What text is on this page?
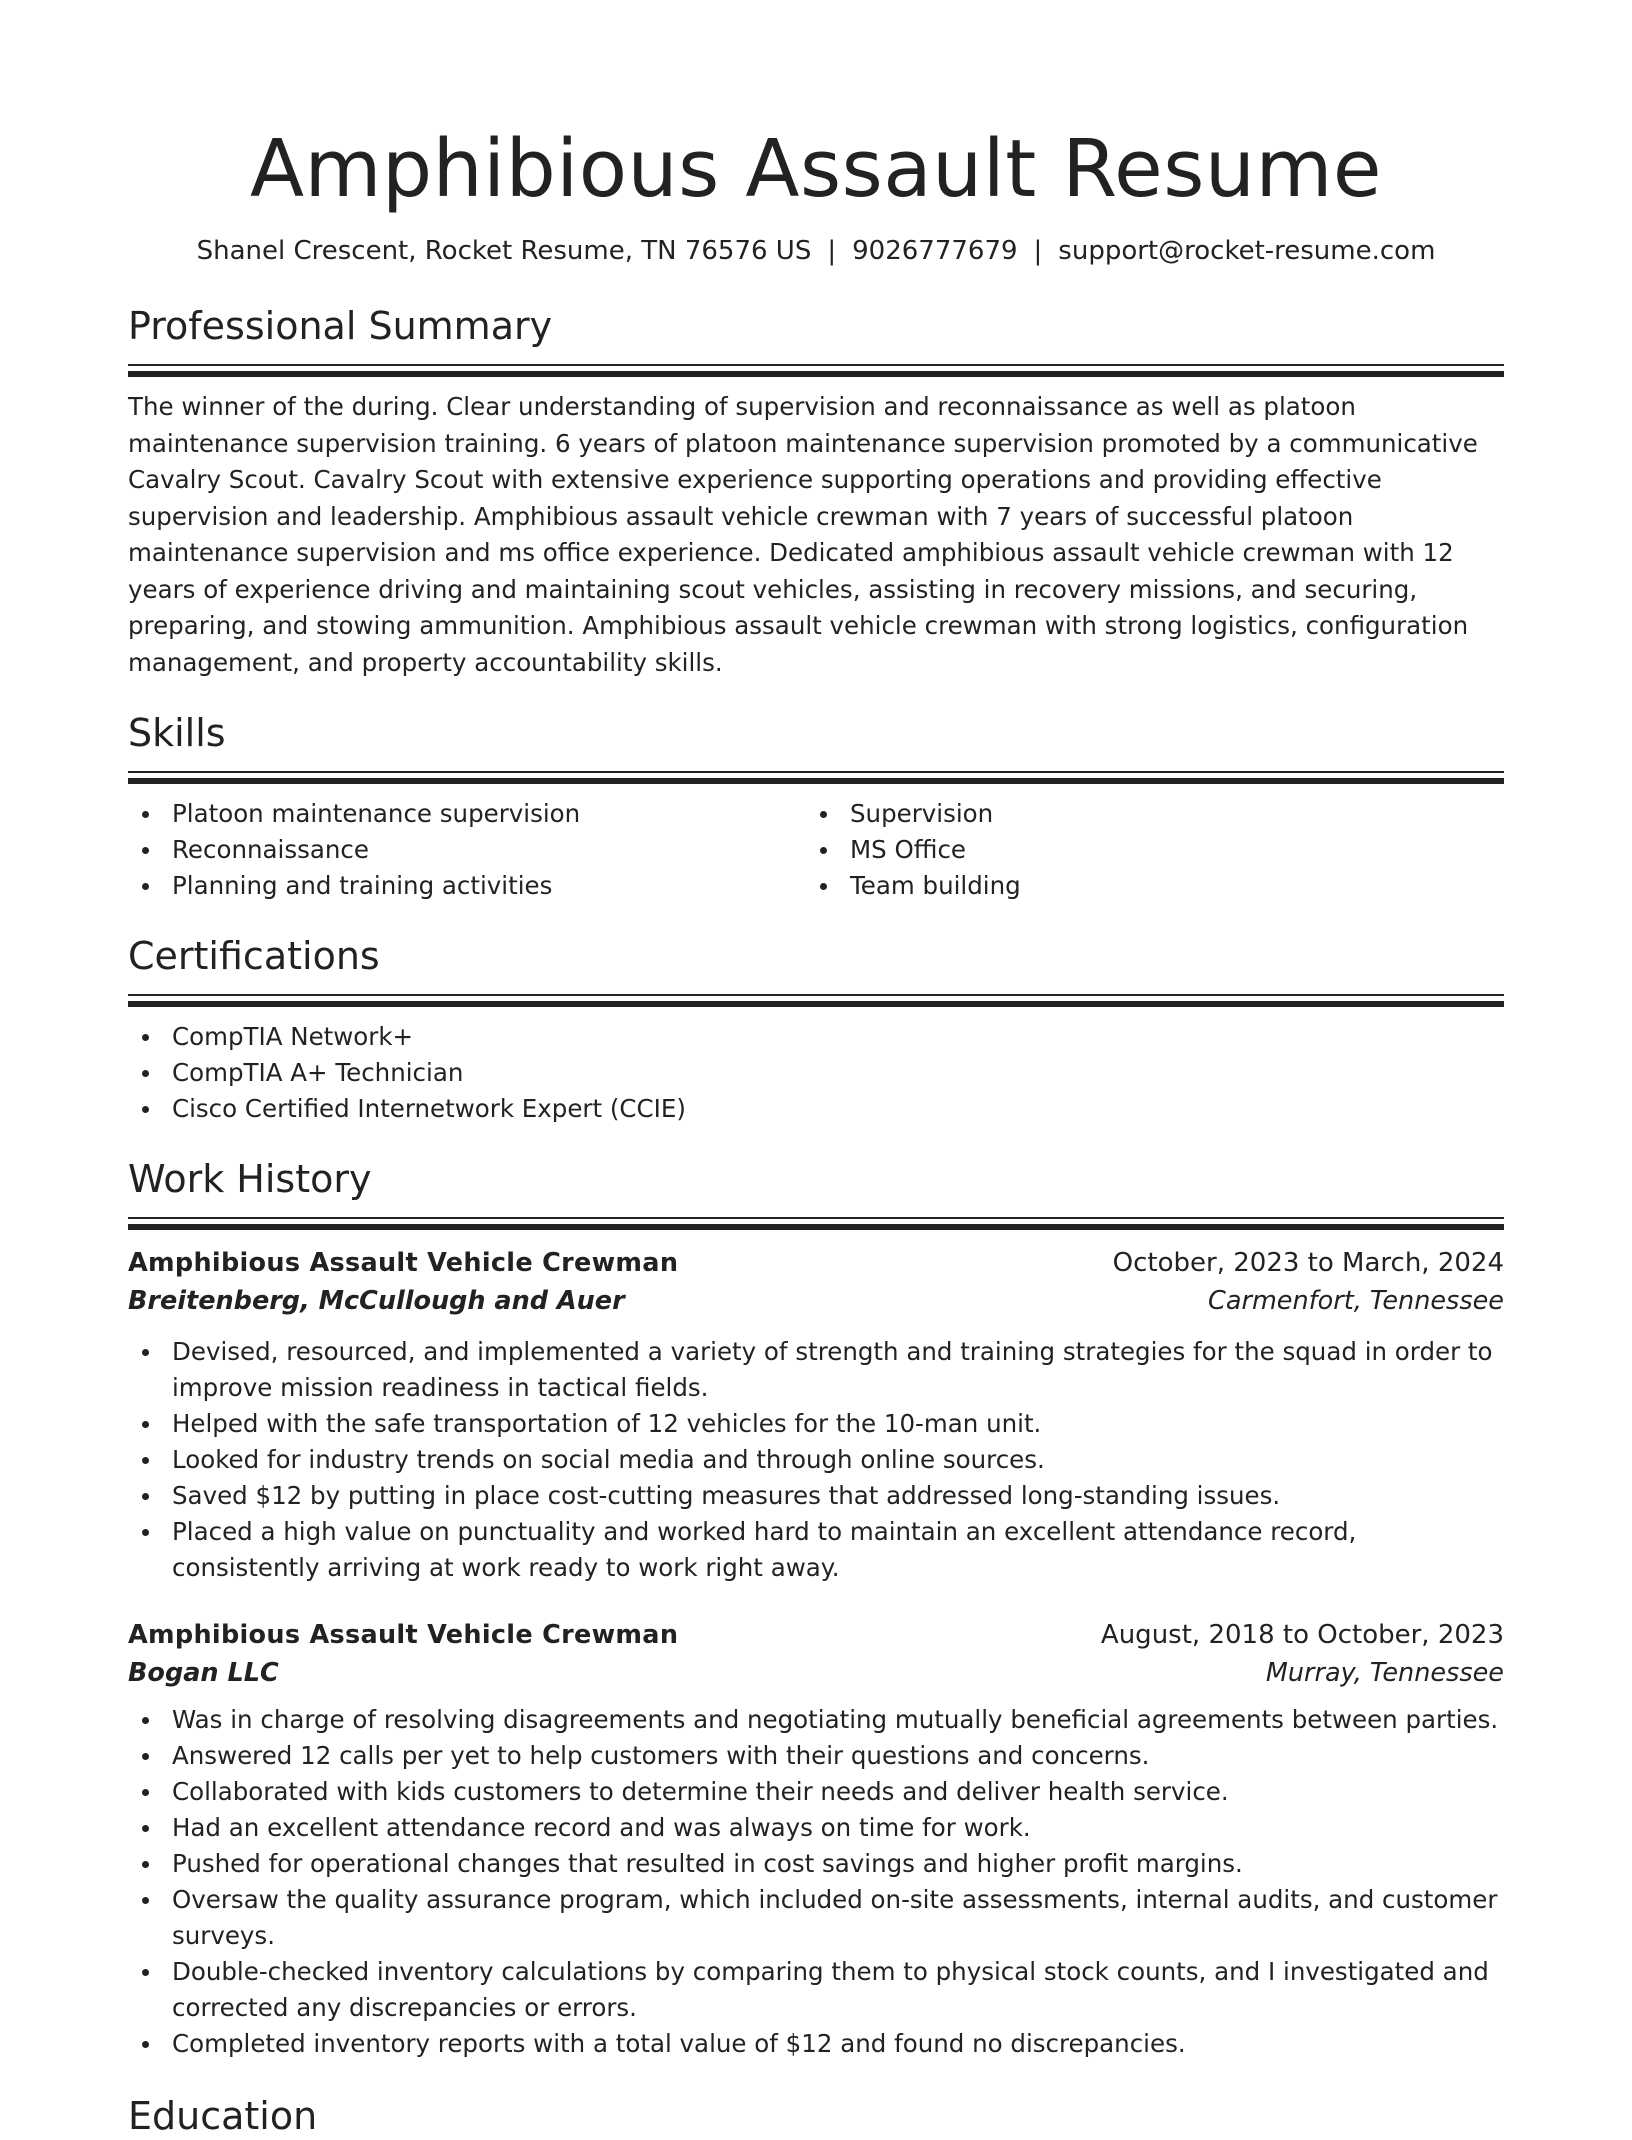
Amphibious Assault Resume
Shanel Crescent, Rocket Resume, TN 76576 US | 9026777679 | support@rocket-resume.com
Professional Summary
The winner of the during. Clear understanding of supervision and reconnaissance as well as platoon maintenance supervision training. 6 years of platoon maintenance supervision promoted by a communicative Cavalry Scout. Cavalry Scout with extensive experience supporting operations and providing effective supervision and leadership. Amphibious assault vehicle crewman with 7 years of successful platoon maintenance supervision and ms office experience. Dedicated amphibious assault vehicle crewman with 12 years of experience driving and maintaining scout vehicles, assisting in recovery missions, and securing, preparing, and stowing ammunition. Amphibious assault vehicle crewman with strong logistics, configuration management, and property accountability skills.
Skills
Platoon maintenance supervision
Reconnaissance
Planning and training activities
Supervision
MS Office
Team building
Certifications
CompTIA Network+
CompTIA A+ Technician
Cisco Certified Internetwork Expert (CCIE)
Work History
Amphibious Assault Vehicle Crewman	October, 2023 to March, 2024
Breitenberg, McCullough and Auer	Carmenfort, Tennessee
Devised, resourced, and implemented a variety of strength and training strategies for the squad in order to improve mission readiness in tactical fields.
Helped with the safe transportation of 12 vehicles for the 10-man unit.
Looked for industry trends on social media and through online sources.
Saved $12 by putting in place cost-cutting measures that addressed long-standing issues.
Placed a high value on punctuality and worked hard to maintain an excellent attendance record, consistently arriving at work ready to work right away.
Amphibious Assault Vehicle Crewman	August, 2018 to October, 2023
Bogan LLC	Murray, Tennessee
Was in charge of resolving disagreements and negotiating mutually beneficial agreements between parties.
Answered 12 calls per yet to help customers with their questions and concerns.
Collaborated with kids customers to determine their needs and deliver health service.
Had an excellent attendance record and was always on time for work.
Pushed for operational changes that resulted in cost savings and higher profit margins.
Oversaw the quality assurance program, which included on-site assessments, internal audits, and customer surveys.
Double-checked inventory calculations by comparing them to physical stock counts, and I investigated and corrected any discrepancies or errors.
Completed inventory reports with a total value of $12 and found no discrepancies.
Education
